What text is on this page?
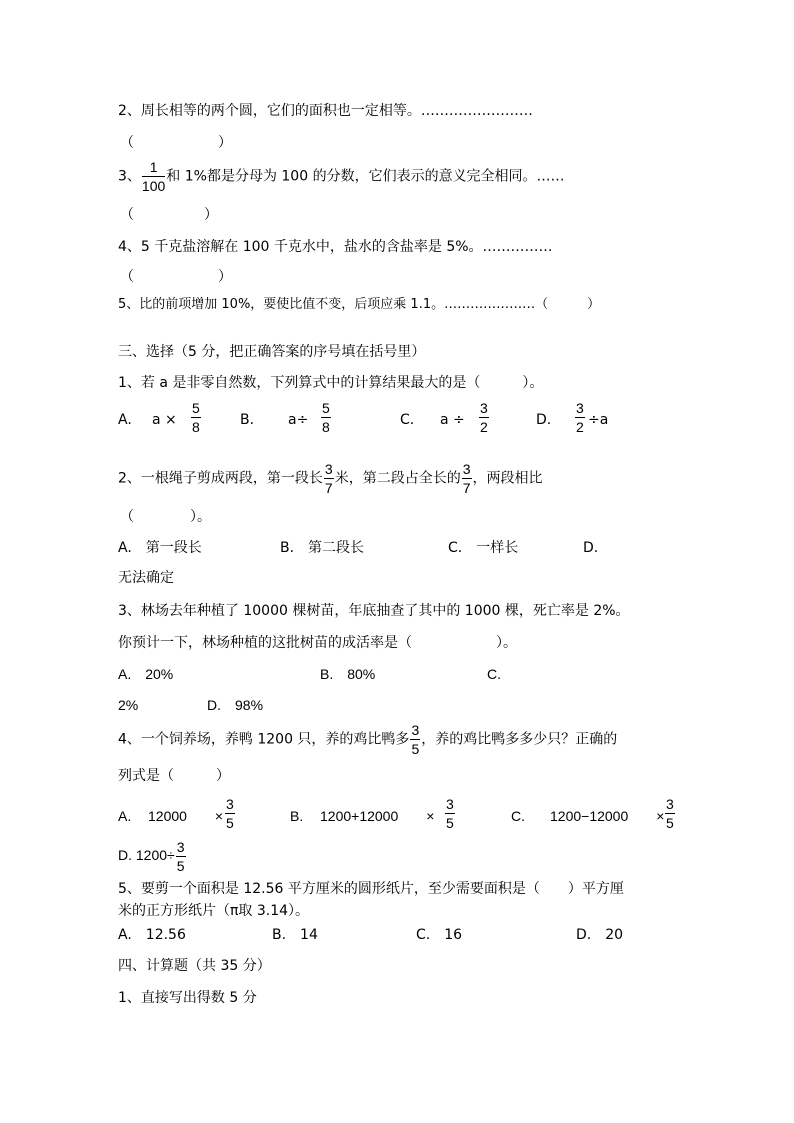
2、周长相等的两个圆，它们的面积也一定相等。……………………
（　　　　　　）
3、 $\frac{1}{100}$ 和 1%都是分母为 100 的分数，它们表示的意义完全相同。……
（　　　　　）
4、5 千克盐溶解在 100 千克水中，盐水的含盐率是 5%。……………
（　　　　　　）
5、比的前项增加 10%，要使比值不变，后项应乘 1.1。…………………（　　　）
三、选择（5 分，把正确答案的序号填在括号里）
1、若 a 是非零自然数，下列算式中的计算结果最大的是（　　　）。
A. $a \times \frac{5}{8}$	B. $a\div \frac{5}{8}$	C. $a \div \frac{3}{2}$	D. $\frac{3}{2} \div a$
2、一根绳子剪成两段，第一段长 $\frac{3}{7}$ 米，第二段占全长的 $\frac{3}{7}$ ，两段相比
（　　　　）。
A.　第一段长	B.　第二段长	C.　一样长	D.
无法确定
3、林场去年种植了 10000 棵树苗，年底抽查了其中的 1000 棵，死亡率是 2%。
你预计一下，林场种植的这批树苗的成活率是（　　　　　　）。
A.　20%	B.　80%	C.
2%	D.　98%
4、一个饲养场，养鸭 1200 只，养的鸡比鸭多 $\frac{3}{5}$ ，养的鸡比鸭多多少只？正确的
列式是（　　　）
A. 12000　　× $\frac{3}{5}$	B. 1200+12000　　× $\frac{3}{5}$	C. 1200−12000　　× $\frac{3}{5}$
D. $1200\div \frac{3}{5}$
5、要剪一个面积是 12.56 平方厘米的圆形纸片，至少需要面积是（　　）平方厘
米的正方形纸片（π取 3.14）。
A.　12.56	B.　14	C.　16	D.　20
四、计算题（共 35 分）
1、直接写出得数 5 分
